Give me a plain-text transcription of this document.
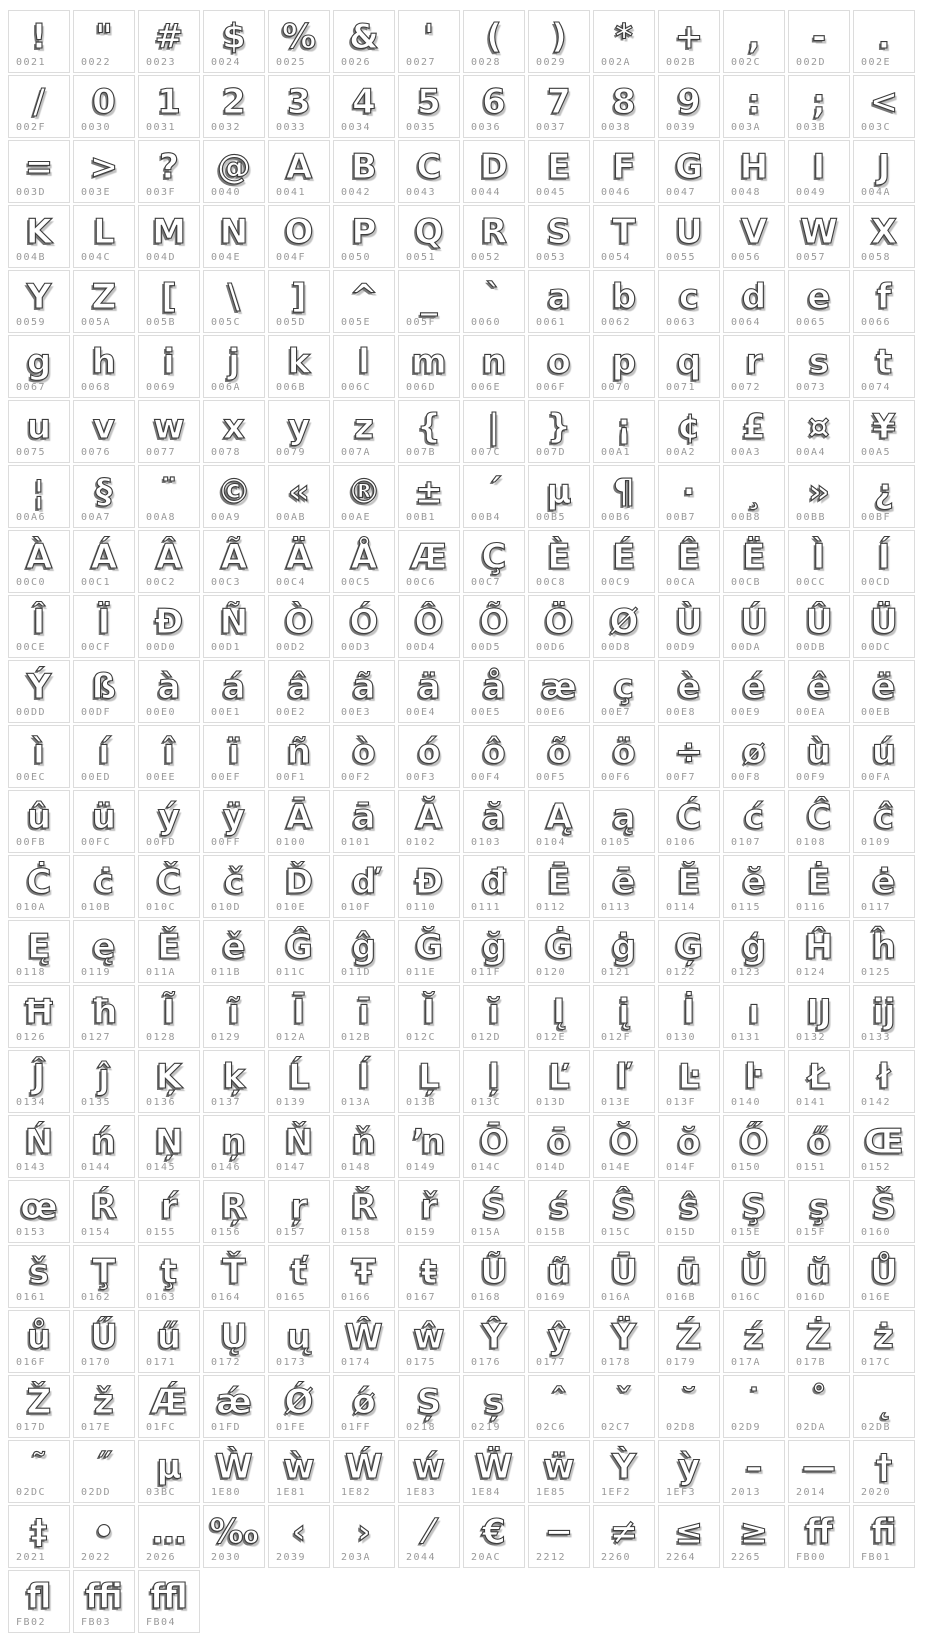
!
0021
"
0022
#
0023
$
0024
%
0025
&
0026
'
0027
(
0028
)
0029
*
002A
+
002B
,
002C
-
002D
.
002E
/
002F
0
0030
1
0031
2
0032
3
0033
4
0034
5
0035
6
0036
7
0037
8
0038
9
0039
:
003A
;
003B
<
003C
=
003D
>
003E
?
003F
@
0040
A
0041
B
0042
C
0043
D
0044
E
0045
F
0046
G
0047
H
0048
I
0049
J
004A
K
004B
L
004C
M
004D
N
004E
O
004F
P
0050
Q
0051
R
0052
S
0053
T
0054
U
0055
V
0056
W
0057
X
0058
Y
0059
Z
005A
[
005B
\
005C
]
005D
^
005E
_
005F
`
0060
a
0061
b
0062
c
0063
d
0064
e
0065
f
0066
g
0067
h
0068
i
0069
j
006A
k
006B
l
006C
m
006D
n
006E
o
006F
p
0070
q
0071
r
0072
s
0073
t
0074
u
0075
v
0076
w
0077
x
0078
y
0079
z
007A
{
007B
|
007C
}
007D
¡
00A1
¢
00A2
£
00A3
¤
00A4
¥
00A5
¦
00A6
§
00A7
¨
00A8
©
00A9
«
00AB
®
00AE
±
00B1
´
00B4
µ
00B5
¶
00B6
·
00B7
¸
00B8
»
00BB
¿
00BF
À
00C0
Á
00C1
Â
00C2
Ã
00C3
Ä
00C4
Å
00C5
Æ
00C6
Ç
00C7
È
00C8
É
00C9
Ê
00CA
Ë
00CB
Ì
00CC
Í
00CD
Î
00CE
Ï
00CF
Ð
00D0
Ñ
00D1
Ò
00D2
Ó
00D3
Ô
00D4
Õ
00D5
Ö
00D6
Ø
00D8
Ù
00D9
Ú
00DA
Û
00DB
Ü
00DC
Ý
00DD
ß
00DF
à
00E0
á
00E1
â
00E2
ã
00E3
ä
00E4
å
00E5
æ
00E6
ç
00E7
è
00E8
é
00E9
ê
00EA
ë
00EB
ì
00EC
í
00ED
î
00EE
ï
00EF
ñ
00F1
ò
00F2
ó
00F3
ô
00F4
õ
00F5
ö
00F6
÷
00F7
ø
00F8
ù
00F9
ú
00FA
û
00FB
ü
00FC
ý
00FD
ÿ
00FF
Ā
0100
ā
0101
Ă
0102
ă
0103
Ą
0104
ą
0105
Ć
0106
ć
0107
Ĉ
0108
ĉ
0109
Ċ
010A
ċ
010B
Č
010C
č
010D
Ď
010E
ď
010F
Đ
0110
đ
0111
Ē
0112
ē
0113
Ĕ
0114
ĕ
0115
Ė
0116
ė
0117
Ę
0118
ę
0119
Ě
011A
ě
011B
Ĝ
011C
ĝ
011D
Ğ
011E
ğ
011F
Ġ
0120
ġ
0121
Ģ
0122
ģ
0123
Ĥ
0124
ĥ
0125
Ħ
0126
ħ
0127
Ĩ
0128
ĩ
0129
Ī
012A
ī
012B
Ĭ
012C
ĭ
012D
Į
012E
į
012F
İ
0130
ı
0131
Ĳ
0132
ĳ
0133
Ĵ
0134
ĵ
0135
Ķ
0136
ķ
0137
Ĺ
0139
ĺ
013A
Ļ
013B
ļ
013C
Ľ
013D
ľ
013E
Ŀ
013F
ŀ
0140
Ł
0141
ł
0142
Ń
0143
ń
0144
Ņ
0145
ņ
0146
Ň
0147
ň
0148
ŉ
0149
Ō
014C
ō
014D
Ŏ
014E
ŏ
014F
Ő
0150
ő
0151
Œ
0152
œ
0153
Ŕ
0154
ŕ
0155
Ŗ
0156
ŗ
0157
Ř
0158
ř
0159
Ś
015A
ś
015B
Ŝ
015C
ŝ
015D
Ş
015E
ş
015F
Š
0160
š
0161
Ţ
0162
ţ
0163
Ť
0164
ť
0165
Ŧ
0166
ŧ
0167
Ũ
0168
ũ
0169
Ū
016A
ū
016B
Ŭ
016C
ŭ
016D
Ů
016E
ů
016F
Ű
0170
ű
0171
Ų
0172
ų
0173
Ŵ
0174
ŵ
0175
Ŷ
0176
ŷ
0177
Ÿ
0178
Ź
0179
ź
017A
Ż
017B
ż
017C
Ž
017D
ž
017E
Ǽ
01FC
ǽ
01FD
Ǿ
01FE
ǿ
01FF
Ș
0218
ș
0219
ˆ
02C6
ˇ
02C7
˘
02D8
˙
02D9
˚
02DA
˛
02DB
˜
02DC
˝
02DD
μ
03BC
Ẁ
1E80
ẁ
1E81
Ẃ
1E82
ẃ
1E83
Ẅ
1E84
ẅ
1E85
Ỳ
1EF2
ỳ
1EF3
–
2013
—
2014
†
2020
‡
2021
•
2022
…
2026
‰
2030
‹
2039
›
203A
⁄
2044
€
20AC
−
2212
≠
2260
≤
2264
≥
2265
ﬀ
FB00
ﬁ
FB01
ﬂ
FB02
ﬃ
FB03
ﬄ
FB04
